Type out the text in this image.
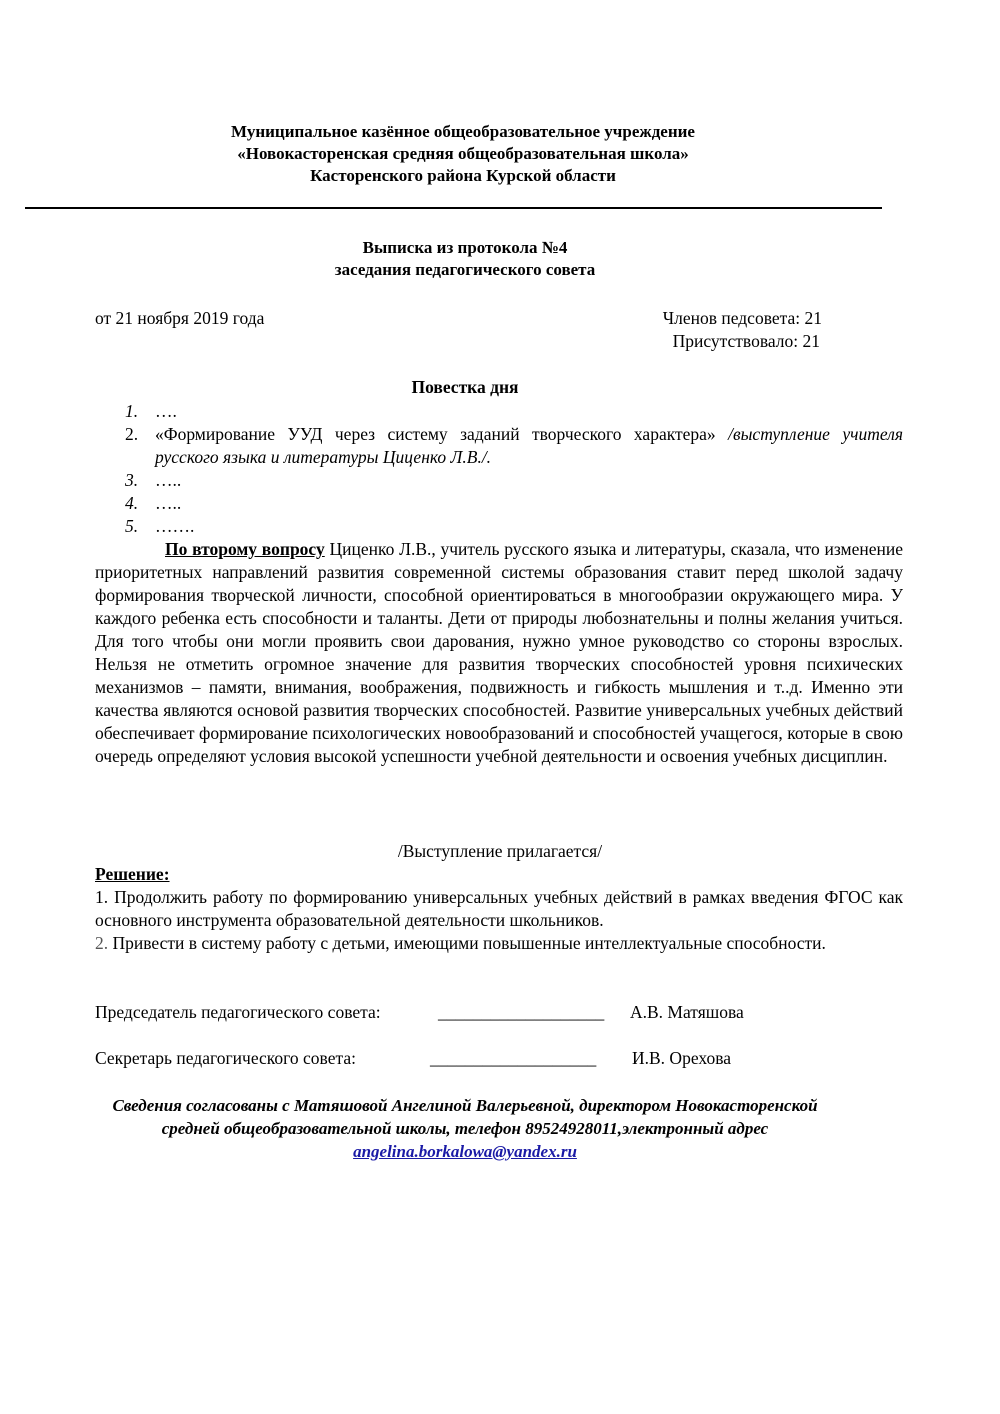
Муниципальное казённое общеобразовательное учреждение
«Новокасторенская средняя общеобразовательная школа»
Касторенского района Курской области
Выписка из протокола №4
заседания педагогического совета
от 21 ноября 2019 года	Членов педсовета: 21
Присутствовало: 21
Повестка дня
1. ….
2. «Формирование УУД через систему заданий творческого характера» /выступление учителя русского языка и литературы Циценко Л.В./.
3. …..
4. …..
5. …….
По второму вопросу Циценко Л.В., учитель русского языка и литературы, сказала, что изменение приоритетных направлений развития современной системы образования ставит перед школой задачу формирования творческой личности, способной ориентироваться в многообразии окружающего мира. У каждого ребенка есть способности и таланты. Дети от природы любознательны и полны желания учиться. Для того чтобы они могли проявить свои дарования, нужно умное руководство со стороны взрослых. Нельзя не отметить огромное значение для развития творческих способностей уровня психических механизмов – памяти, внимания, воображения, подвижность и гибкость мышления и т..д. Именно эти качества являются основой развития творческих способностей. Развитие универсальных учебных действий обеспечивает формирование психологических новообразований и способностей учащегося, которые в свою очередь определяют условия высокой успешности учебной деятельности и освоения учебных дисциплин.
/Выступление прилагается/
Решение:
1. Продолжить работу по формированию универсальных учебных действий в рамках введения ФГОС как основного инструмента образовательной деятельности школьников.
2. Привести в систему работу с детьми, имеющими повышенные интеллектуальные способности.
Председатель педагогического совета:	___________________ А.В. Матяшова
Секретарь педагогического совета:	___________________ И.В. Орехова
Сведения согласованы с Матяшовой Ангелиной Валерьевной, директором Новокасторенской
средней общеобразовательной школы, телефон 89524928011,электронный адрес
angelina.borkalowa@yandex.ru
